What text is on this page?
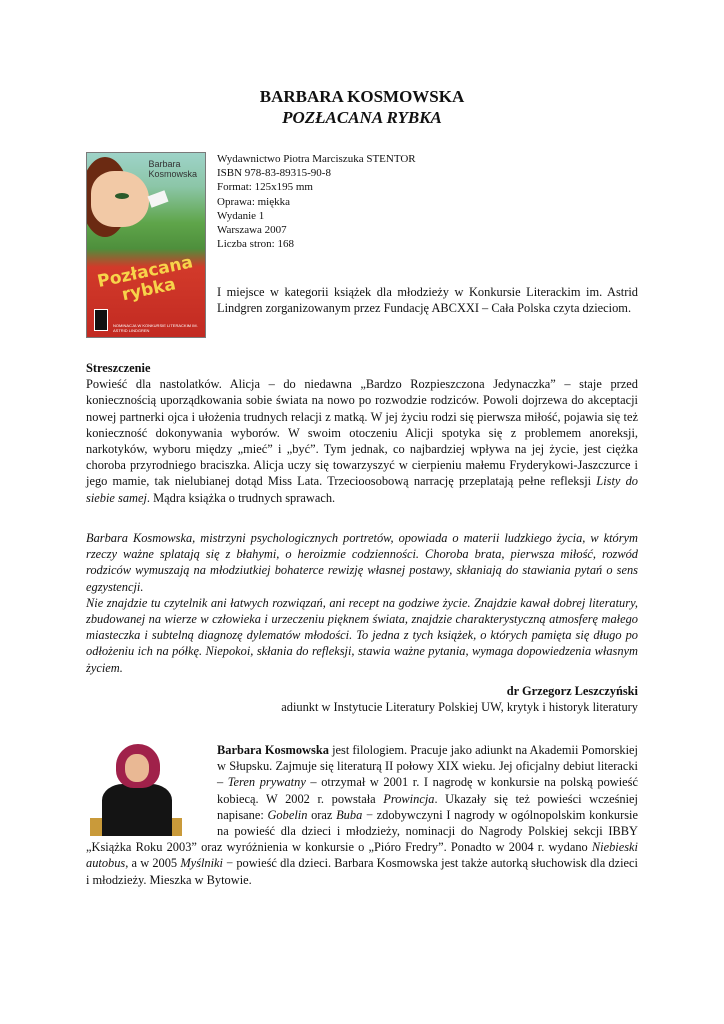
BARBARA KOSMOWSKA
POZŁACANA RYBKA
Barbara
Kosmowska
Pozłacana rybka
NOMINACJA W KONKURSIE LITERACKIM IM. ASTRID LINDGREN
Wydawnictwo Piotra Marciszuka STENTOR
ISBN 978-83-89315-90-8
Format: 125x195 mm
Oprawa: miękka
Wydanie 1
Warszawa 2007
Liczba stron: 168
I miejsce w kategorii książek dla młodzieży w Konkursie Literackim im. Astrid Lindgren zorganizowanym przez Fundację ABCXXI – Cała Polska czyta dzieciom.
Streszczenie

Powieść dla nastolatków. Alicja – do niedawna „Bardzo Rozpieszczona Jedynaczka” – staje przed koniecznością uporządkowania sobie świata na nowo po rozwodzie rodziców. Powoli dojrzewa do akceptacji nowej partnerki ojca i ułożenia trudnych relacji z matką. W jej życiu rodzi się pierwsza miłość, pojawia się też konieczność dokonywania wyborów. W swoim otoczeniu Alicji spotyka się z problemem anoreksji, narkotyków, wyboru między „mieć” i „być”. Tym jednak, co najbardziej wpływa na jej życie, jest ciężka choroba przyrodniego braciszka. Alicja uczy się towarzyszyć w cierpieniu małemu Fryderykowi-Jaszczurce i jego mamie, tak nielubianej dotąd Miss Lata. Trzecioosobową narrację przeplatają pełne refleksji Listy do siebie samej. Mądra książka o trudnych sprawach.

Barbara Kosmowska, mistrzyni psychologicznych portretów, opowiada o materii ludzkiego życia, w którym rzeczy ważne splatają się z błahymi, o heroizmie codzienności. Choroba brata, pierwsza miłość, rozwód rodziców wymuszają na młodziutkiej bohaterce rewizję własnej postawy, skłaniają do stawiania pytań o sens egzystencji.

Nie znajdzie tu czytelnik ani łatwych rozwiązań, ani recept na godziwe życie. Znajdzie kawał dobrej literatury, zbudowanej na wierze w człowieka i urzeczeniu pięknem świata, znajdzie charakterystyczną atmosferę małego miasteczka i subtelną diagnozę dylematów młodości. To jedna z tych książek, o których pamięta się długo po odłożeniu ich na półkę. Niepokoi, skłania do refleksji, stawia ważne pytania, wymaga dopowiedzenia własnym życiem.

dr Grzegorz Leszczyński
adiunkt w Instytucie Literatury Polskiej UW, krytyk i historyk literatury
Barbara Kosmowska jest filologiem. Pracuje jako adiunkt na Akademii Pomorskiej w Słupsku. Zajmuje się literaturą II połowy XIX wieku. Jej oficjalny debiut literacki – Teren prywatny – otrzymał w 2001 r. I nagrodę w konkursie na polską powieść kobiecą. W 2002 r. powstała Prowincja. Ukazały się też powieści wcześniej napisane: Gobelin oraz Buba − zdobywczyni I nagrody w ogólnopolskim konkursie na powieść dla dzieci i młodzieży, nominacji do Nagrody Polskiej sekcji IBBY „Książka Roku 2003” oraz wyróżnienia w konkursie o „Pióro Fredry”. Ponadto w 2004 r. wydano Niebieski autobus, a w 2005 Myślniki − powieść dla dzieci. Barbara Kosmowska jest także autorką słuchowisk dla dzieci i młodzieży. Mieszka w Bytowie.
